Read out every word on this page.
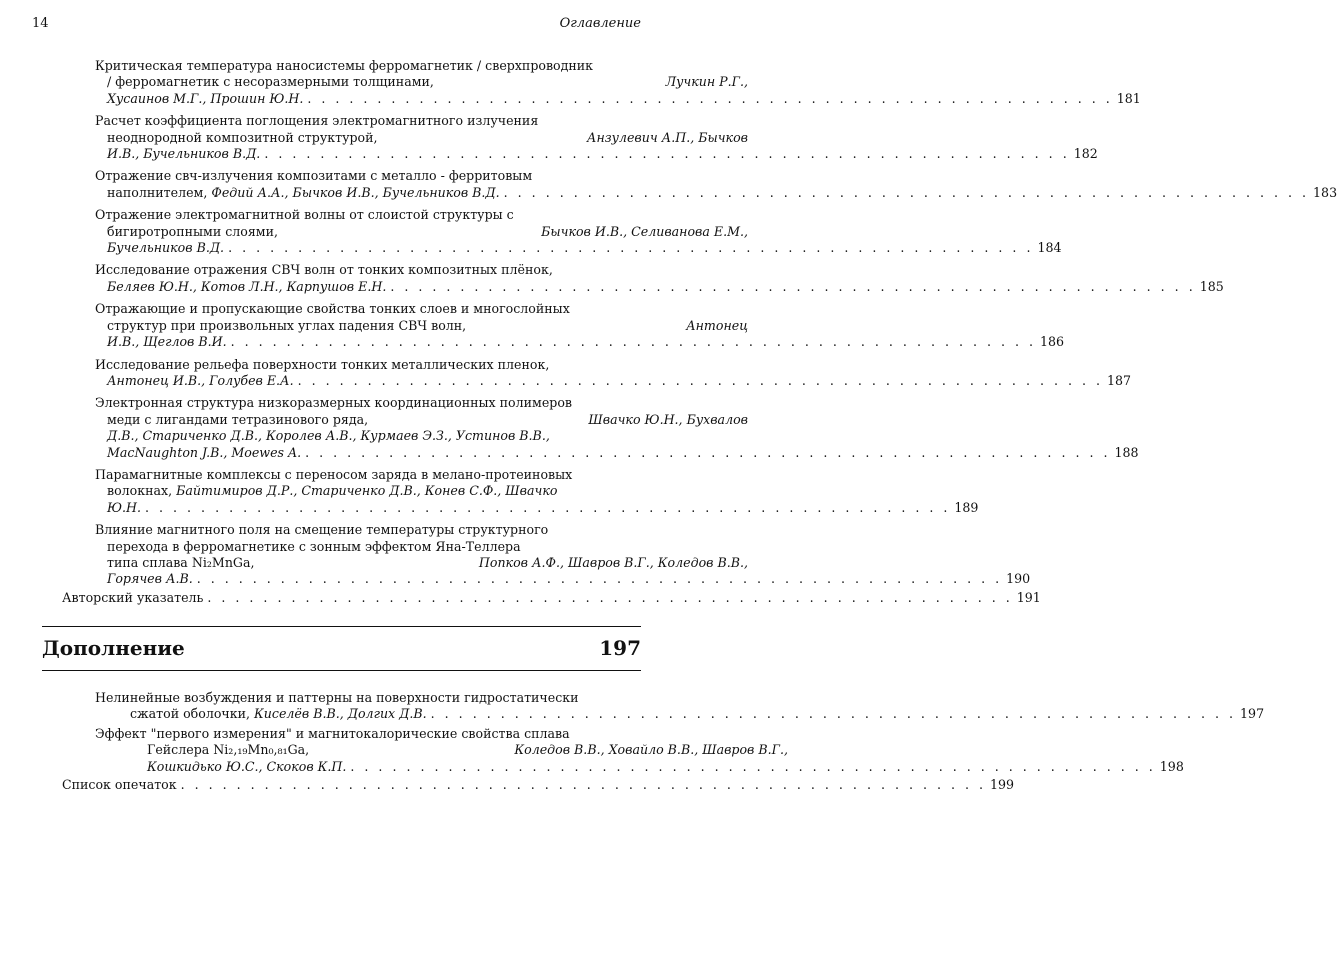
14	Оглавление
Критическая температура наносистемы ферромагнетик / сверхпроводник
/ ферромагнетик с несоразмерными толщинами,	Лучкин Р.Г.,
Хусаинов М.Г., Прошин Ю.Н. . . . . . . . . . . . . . . . . . . . . . . . . . . . . . . . . . . . . . . . . . . . . . . . . . . . . . . . . . . 181
Расчет коэффициента поглощения электромагнитного излучения
неоднородной композитной структурой,	Анзулевич А.П., Бычков
И.В., Бучельников В.Д. . . . . . . . . . . . . . . . . . . . . . . . . . . . . . . . . . . . . . . . . . . . . . . . . . . . . . . . . . . 182
Отражение свч-излучения композитами с металло - ферритовым
наполнителем,
Федий А.А., Бычков И.В., Бучельников В.Д. . . . . . . . . . . . . . . . . . . . . . . . . . . . . . . . . . . . . . . . . . . . . . . . . . . . . . . . . . . 183
Отражение электромагнитной волны от слоистой структуры с
бигиротропными слоями,	Бычков И.В., Селиванова Е.М.,
Бучельников В.Д. . . . . . . . . . . . . . . . . . . . . . . . . . . . . . . . . . . . . . . . . . . . . . . . . . . . . . . . . . . 184
Исследование отражения СВЧ волн от тонких композитных плёнок,
Беляев Ю.Н., Котов Л.Н., Карпушов Е.Н. . . . . . . . . . . . . . . . . . . . . . . . . . . . . . . . . . . . . . . . . . . . . . . . . . . . . . . . . . . 185
Отражающие и пропускающие свойства тонких слоев и многослойных
структур при произвольных углах падения СВЧ волн,	Антонец
И.В., Щеглов В.И. . . . . . . . . . . . . . . . . . . . . . . . . . . . . . . . . . . . . . . . . . . . . . . . . . . . . . . . . . . 186
Исследование рельефа поверхности тонких металлических пленок,
Антонец И.В., Голубев Е.А. . . . . . . . . . . . . . . . . . . . . . . . . . . . . . . . . . . . . . . . . . . . . . . . . . . . . . . . . . . 187
Электронная структура низкоразмерных координационных полимеров
меди с лигандами тетразинового ряда,	Швачко Ю.Н., Бухвалов
Д.В., Стариченко Д.В., Королев А.В., Курмаев Э.З., Устинов В.В.,
MacNaughton J.B., Moewes A. . . . . . . . . . . . . . . . . . . . . . . . . . . . . . . . . . . . . . . . . . . . . . . . . . . . . . . . . . . 188
Парамагнитные комплексы с переносом заряда в мелано-протеиновых
волокнах,
Байтимиров Д.Р., Стариченко Д.В., Конев С.Ф., Швачко
Ю.Н. . . . . . . . . . . . . . . . . . . . . . . . . . . . . . . . . . . . . . . . . . . . . . . . . . . . . . . . . . . 189
Влияние магнитного поля на смещение температуры структурного
перехода в ферромагнетике с зонным эффектом Яна-Теллера
типа сплава Ni₂MnGa,	Попков А.Ф., Шавров В.Г., Коледов В.В.,
Горячев А.В. . . . . . . . . . . . . . . . . . . . . . . . . . . . . . . . . . . . . . . . . . . . . . . . . . . . . . . . . . . 190
Авторский указатель . . . . . . . . . . . . . . . . . . . . . . . . . . . . . . . . . . . . . . . . . . . . . . . . . . . . . . . . . . 191
Дополнение	197
Нелинейные возбуждения и паттерны на поверхности гидростатически
сжатой оболочки,
Киселёв В.В., Долгих Д.В. . . . . . . . . . . . . . . . . . . . . . . . . . . . . . . . . . . . . . . . . . . . . . . . . . . . . . . . . . . 197
Эффект "первого измерения" и магнитокалорические свойства сплава
Гейслера Ni₂,₁₉Mn₀,₈₁Ga,	Коледов В.В., Ховайло В.В., Шавров В.Г.,
Кошкидько Ю.С., Скоков К.П. . . . . . . . . . . . . . . . . . . . . . . . . . . . . . . . . . . . . . . . . . . . . . . . . . . . . . . . . . . 198
Список опечаток . . . . . . . . . . . . . . . . . . . . . . . . . . . . . . . . . . . . . . . . . . . . . . . . . . . . . . . . . . 199
